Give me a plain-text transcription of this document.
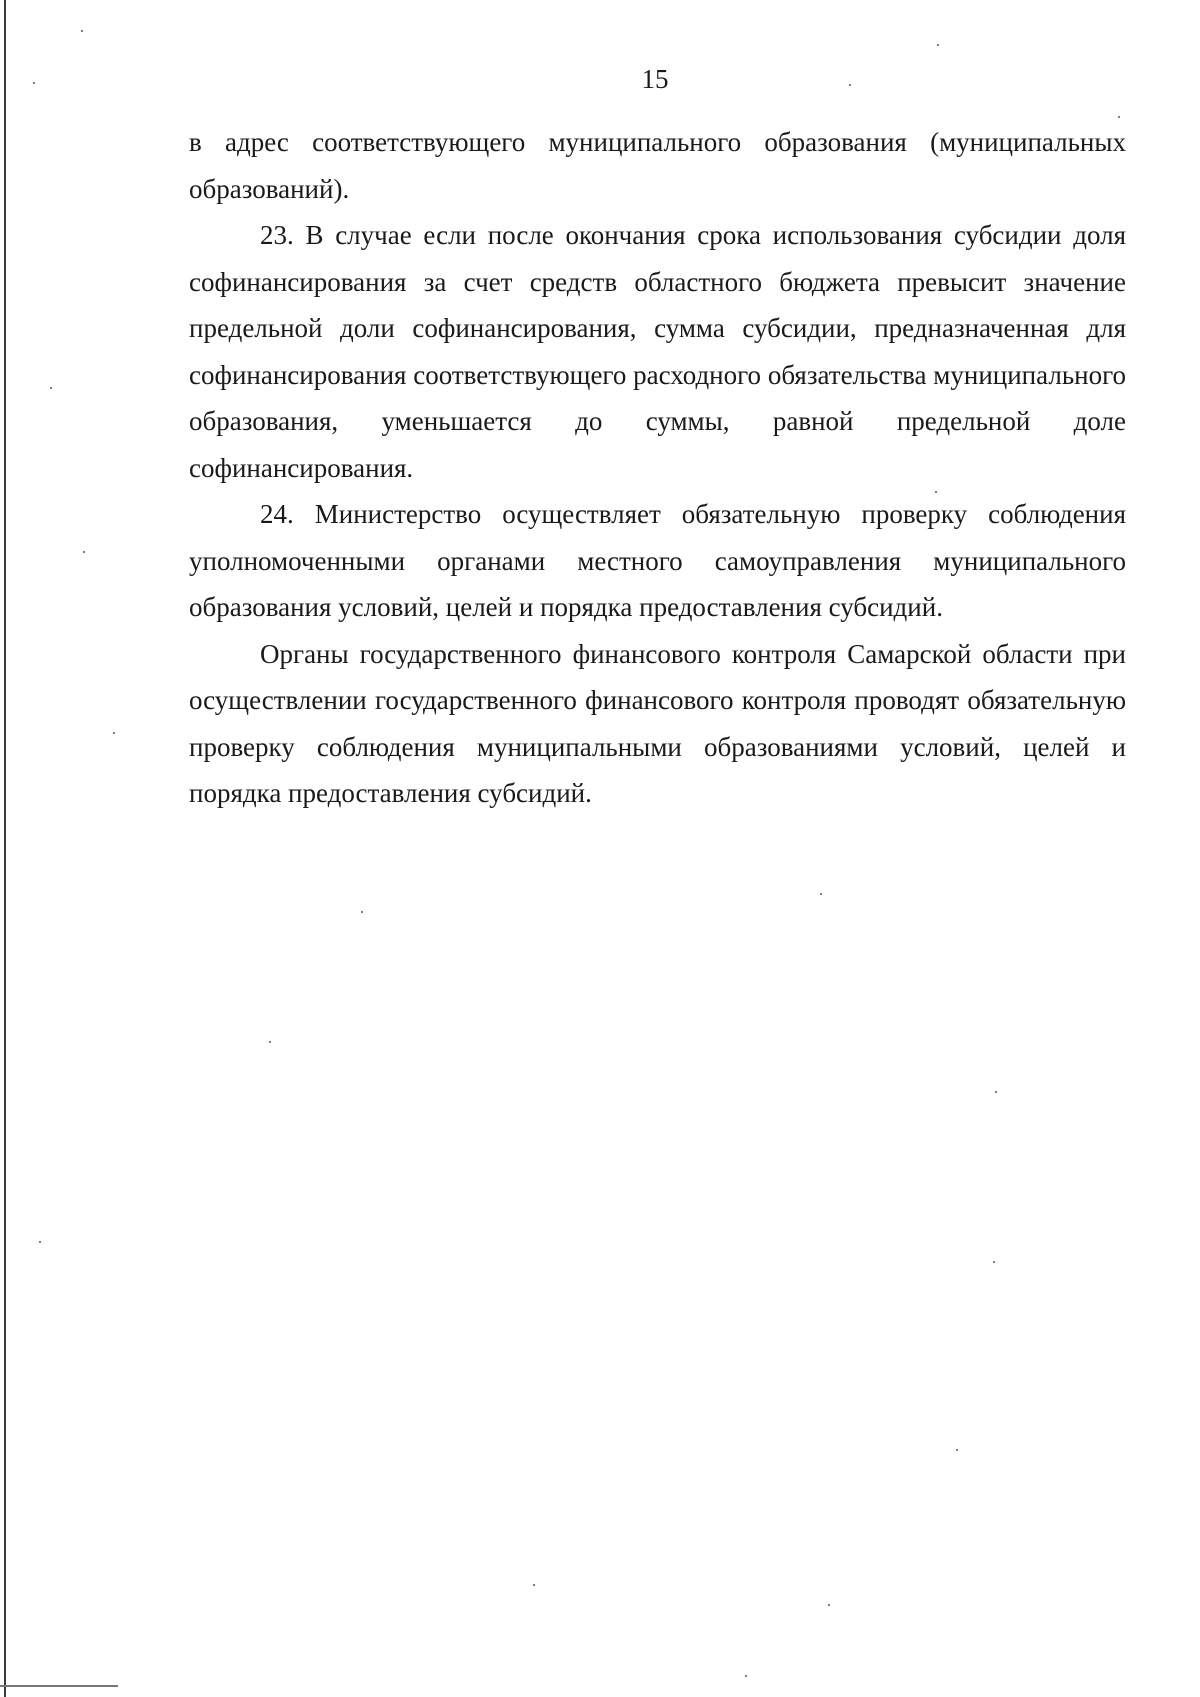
15

в адрес соответствующего муниципального образования (муниципальных образований).

23. В случае если после окончания срока использования субсидии доля софинансирования за счет средств областного бюджета превысит значение предельной доли софинансирования, сумма субсидии, предназначенная для софинансирования соответствующего расходного обязательства муниципального образования, уменьшается до суммы, равной предельной доле софинансирования.

24. Министерство осуществляет обязательную проверку соблюдения уполномоченными органами местного самоуправления муниципального образования условий, целей и порядка предоставления субсидий.

Органы государственного финансового контроля Самарской области при осуществлении государственного финансового контроля проводят обязательную проверку соблюдения муниципальными образованиями условий, целей и порядка предоставления субсидий.
